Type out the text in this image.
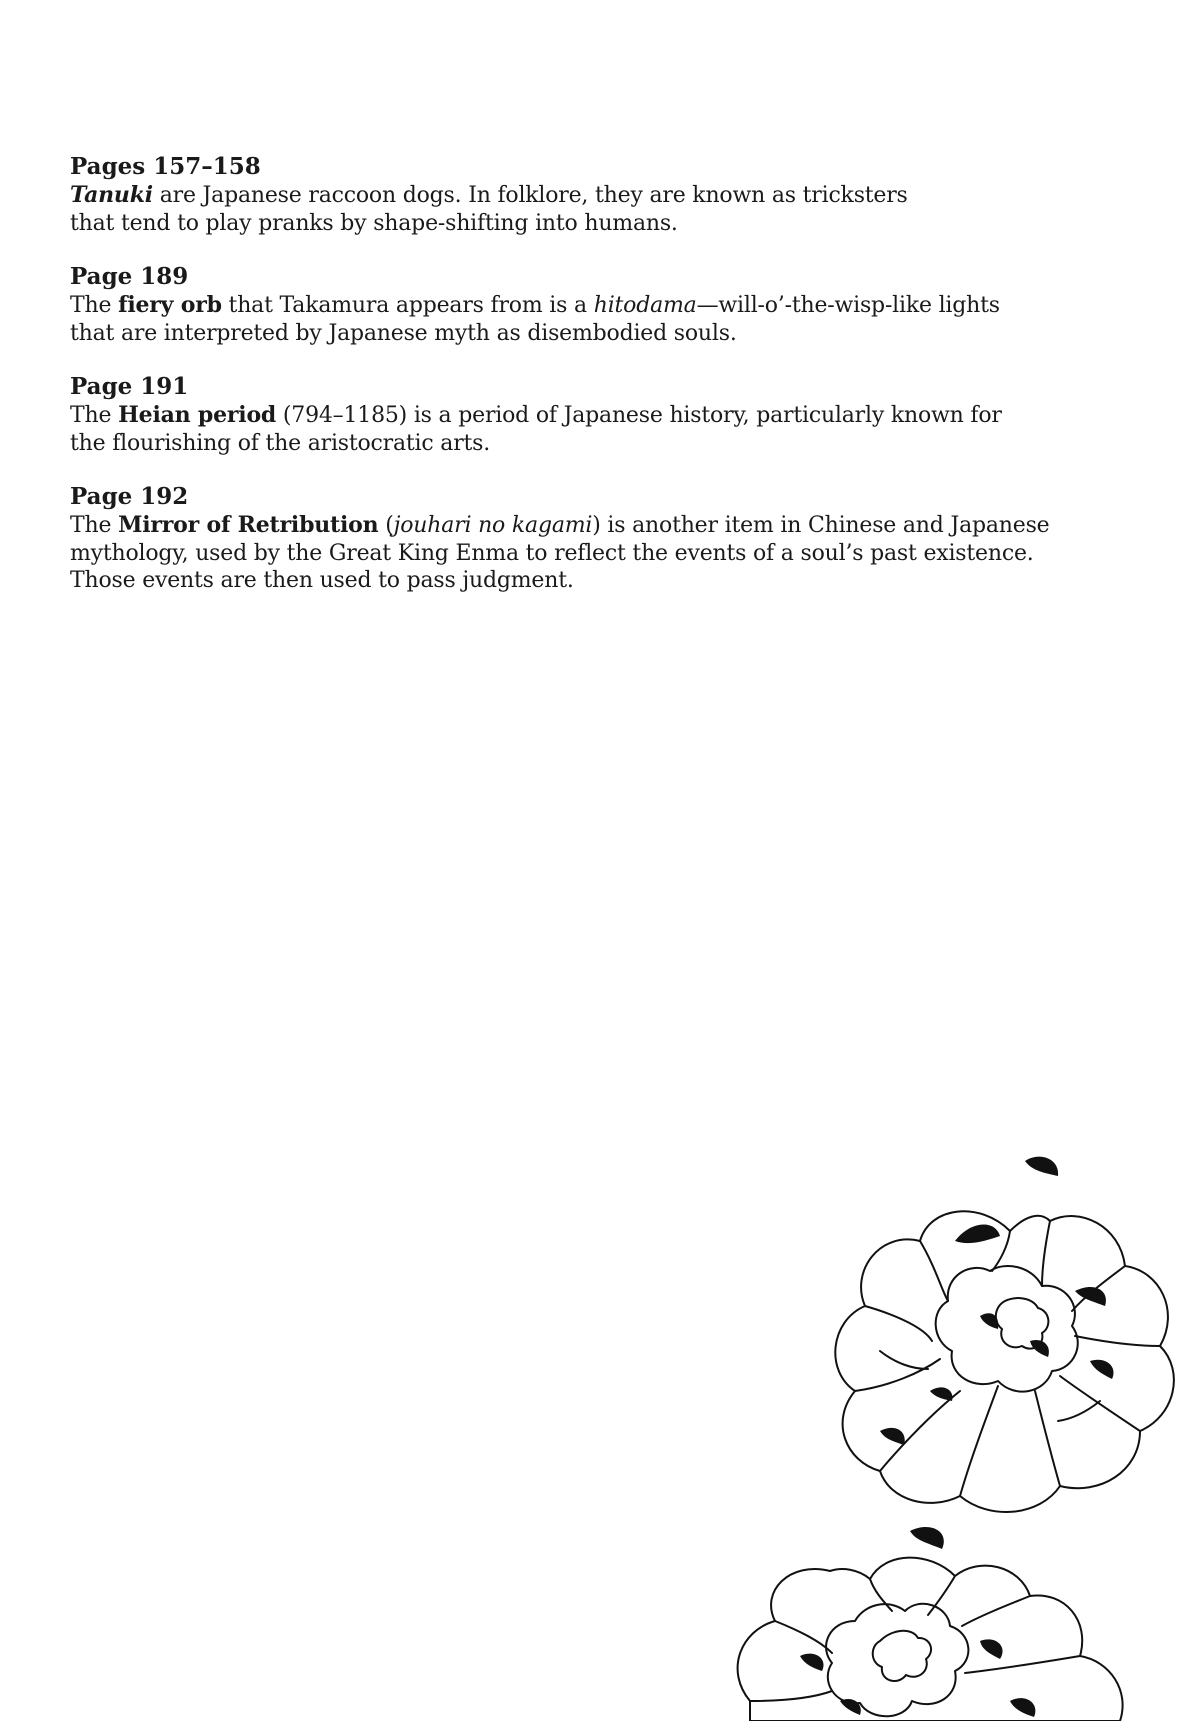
Pages 157–158

Tanuki are Japanese raccoon dogs. In folklore, they are known as tricksters
that tend to play pranks by shape-shifting into humans.

Page 189

The fiery orb that Takamura appears from is a hitodama—will-o’-the-wisp-like lights
that are interpreted by Japanese myth as disembodied souls.

Page 191

The Heian period (794–1185) is a period of Japanese history, particularly known for
the flourishing of the aristocratic arts.

Page 192

The Mirror of Retribution (jouhari no kagami) is another item in Chinese and Japanese
mythology, used by the Great King Enma to reflect the events of a soul’s past existence.
Those events are then used to pass judgment.
